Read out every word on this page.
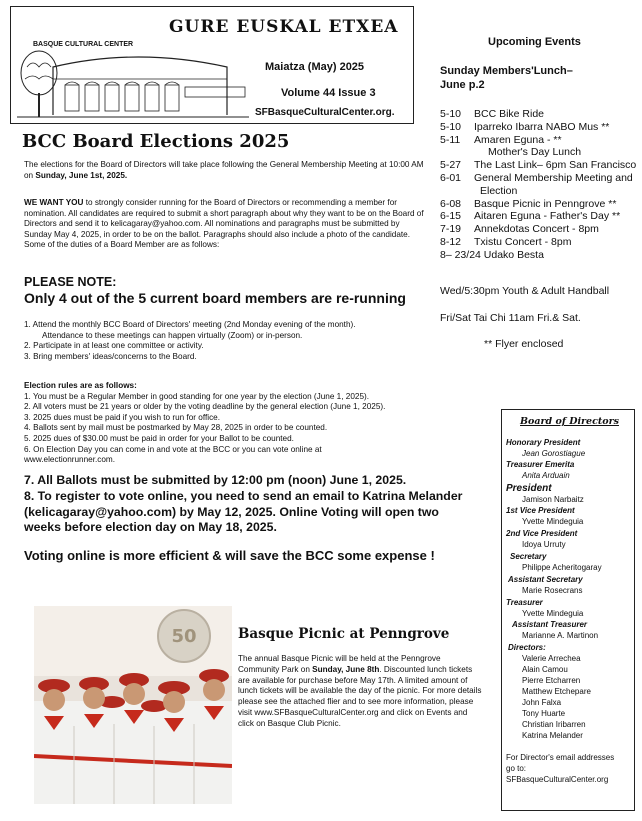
BASQUE CULTURAL CENTER
GURE EUSKAL ETXEA
Maiatza (May) 2025
Volume 44 Issue 3
SFBasqueCulturalCenter.org.
BCC Board Elections 2025
The elections for the Board of Directors will take place following the General Membership Meeting at 10:00 AM on Sunday, June 1st, 2025.
WE WANT YOU to strongly consider running for the Board of Directors or recommending a member for nomination. All candidates are required to submit a short paragraph about why they want to be on the Board of Directors and send it to kelicagaray@yahoo.com. All nominations and paragraphs must be submitted by Sunday May 4, 2025, in order to be on the ballot. Paragraphs should also include a photo of the candidate. Some of the duties of a Board Member are as follows:
PLEASE NOTE:
Only 4 out of the 5 current board members are re-running
1. Attend the monthly BCC Board of Directors' meeting (2nd Monday evening of the month).
Attendance to these meetings can happen virtually (Zoom) or in-person.
2. Participate in at least one committee or activity.
3. Bring members' ideas/concerns to the Board.
Election rules are as follows:
1. You must be a Regular Member in good standing for one year by the election (June 1, 2025).
2. All voters must be 21 years or older by the voting deadline by the general election (June 1, 2025).
3. 2025 dues must be paid if you wish to run for office.
4. Ballots sent by mail must be postmarked by May 28, 2025 in order to be counted.
5. 2025 dues of $30.00 must be paid in order for your Ballot to be counted.
6. On Election Day you can come in and vote at the BCC or you can vote online at
www.electionrunner.com.
7. All Ballots must be submitted by 12:00 pm (noon) June 1, 2025.
8. To register to vote online, you need to send an email to Katrina Melander (kelicagaray@yahoo.com) by May 12, 2025. Online Voting will open two weeks before election day on May 18, 2025.
Voting online is more efficient & will save the BCC some expense !
50	Basque Picnic at Penngrove
The annual Basque Picnic will be held at the Penngrove Community Park on Sunday, June 8th. Discounted lunch tickets are available for purchase before May 17th. A limited amount of lunch tickets will be available the day of the picnic. For more details please see the attached flier and to see more information, please visit www.SFBasqueCulturalCenter.org and click on Events and click on Basque Club Picnic.
Upcoming Events
Sunday Members'Lunch–
June p.2
5-10 BCC Bike Ride
5-10 Iparreko Ibarra NABO Mus **
5-11 Amaren Eguna - **
Mother's Day Lunch
5-27 The Last Link– 6pm San Francisco
6-01 General Membership Meeting and
Election
6-08 Basque Picnic in Penngrove **
6-15 Aitaren Eguna - Father's Day **
7-19 Annekdotas Concert - 8pm
8-12 Txistu Concert - 8pm
8– 23/24 Udako Besta
Wed/5:30pm Youth & Adult Handball
Fri/Sat Tai Chi 11am Fri.& Sat.
** Flyer enclosed
Board of Directors
Honorary President
Jean Gorostiague
Treasurer Emerita
Anita Arduain
President
Jamison Narbaitz
1st Vice President
Yvette Mindeguia
2nd Vice President
Idoya Urruty
Secretary
Philippe Acheritogaray
Assistant Secretary
Marie Rosecrans
Treasurer
Yvette Mindeguia
Assistant Treasurer
Marianne A. Martinon
Directors:
Valerie Arrechea
Alain Camou
Pierre Etcharren
Matthew Etchepare
John Falxa
Tony Huarte
Christian Iribarren
Katrina Melander
For Director's email addresses
go to:
SFBasqueCulturalCenter.org
